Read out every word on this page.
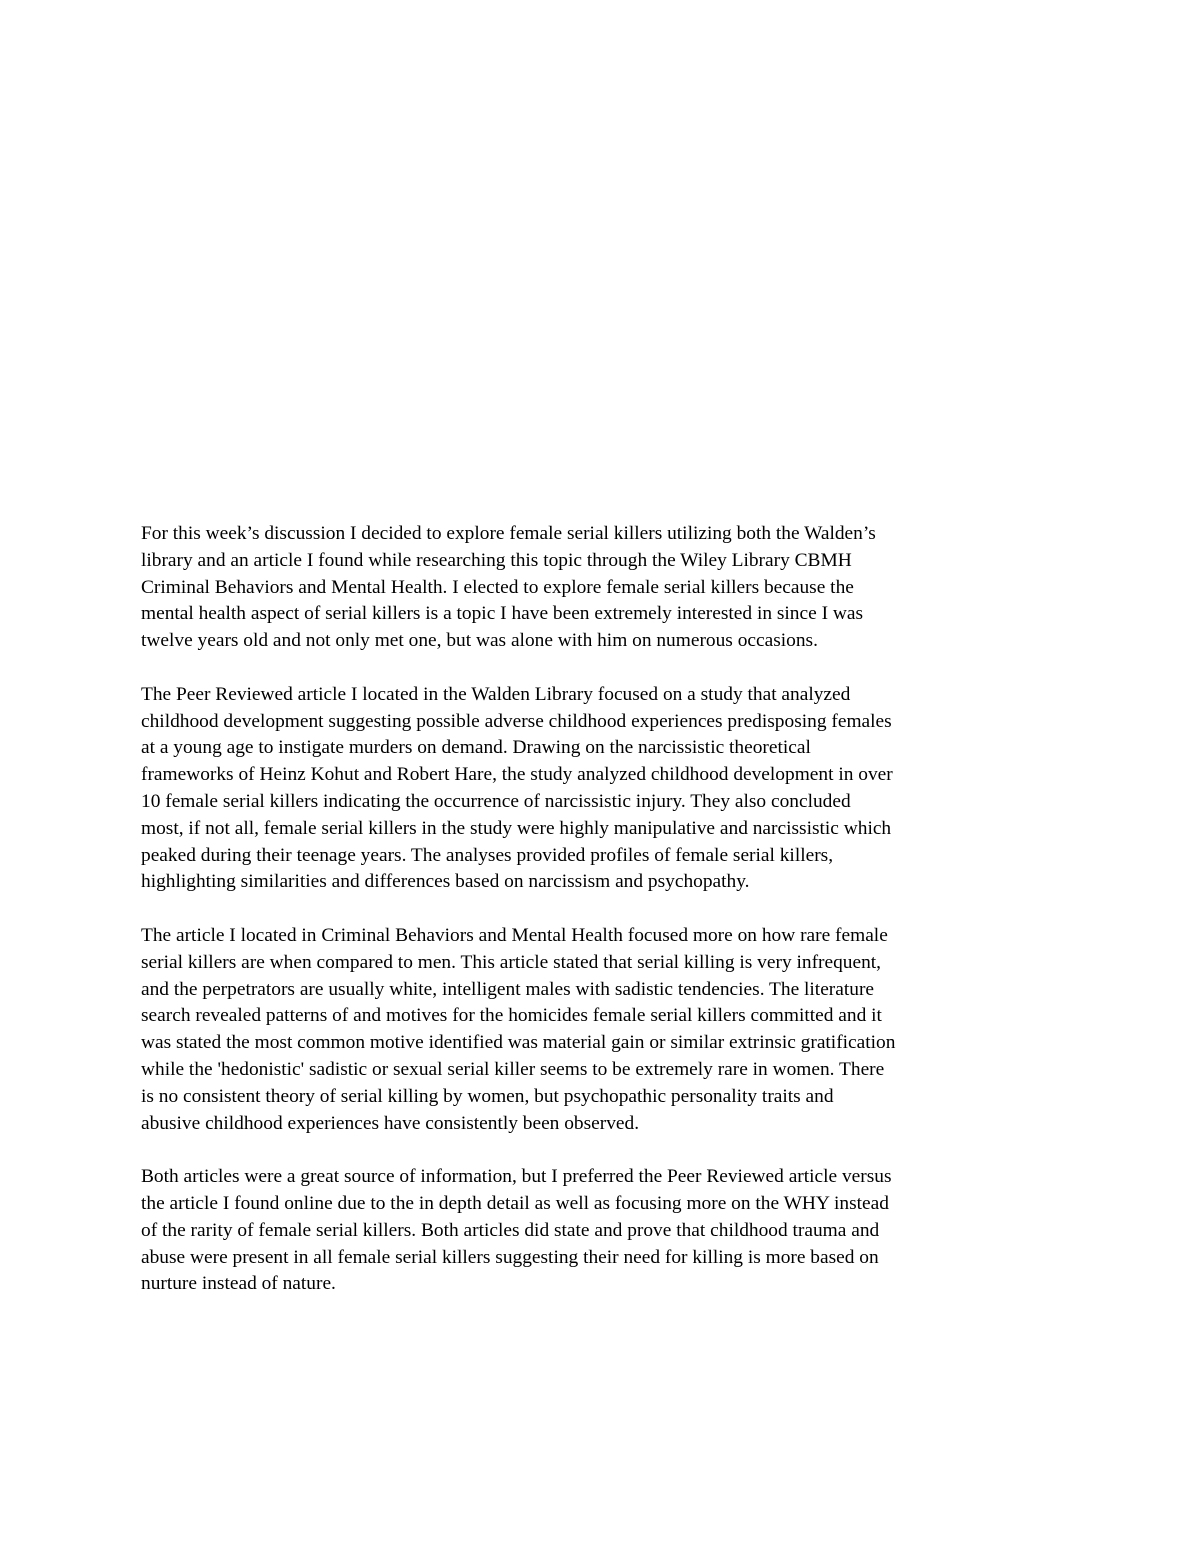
For this week’s discussion I decided to explore female serial killers utilizing both the Walden’s
library and an article I found while researching this topic through the Wiley Library CBMH
Criminal Behaviors and Mental Health. I elected to explore female serial killers because the
mental health aspect of serial killers is a topic I have been extremely interested in since I was
twelve years old and not only met one, but was alone with him on numerous occasions.

The Peer Reviewed article I located in the Walden Library focused on a study that analyzed
childhood development suggesting possible adverse childhood experiences predisposing females
at a young age to instigate murders on demand. Drawing on the narcissistic theoretical
frameworks of Heinz Kohut and Robert Hare, the study analyzed childhood development in over
10 female serial killers indicating the occurrence of narcissistic injury. They also concluded
most, if not all, female serial killers in the study were highly manipulative and narcissistic which
peaked during their teenage years. The analyses provided profiles of female serial killers,
highlighting similarities and differences based on narcissism and psychopathy.

The article I located in Criminal Behaviors and Mental Health focused more on how rare female
serial killers are when compared to men. This article stated that serial killing is very infrequent,
and the perpetrators are usually white, intelligent males with sadistic tendencies. The literature
search revealed patterns of and motives for the homicides female serial killers committed and it
was stated the most common motive identified was material gain or similar extrinsic gratification
while the 'hedonistic' sadistic or sexual serial killer seems to be extremely rare in women. There
is no consistent theory of serial killing by women, but psychopathic personality traits and
abusive childhood experiences have consistently been observed.

Both articles were a great source of information, but I preferred the Peer Reviewed article versus
the article I found online due to the in depth detail as well as focusing more on the WHY instead
of the rarity of female serial killers. Both articles did state and prove that childhood trauma and
abuse were present in all female serial killers suggesting their need for killing is more based on
nurture instead of nature.
